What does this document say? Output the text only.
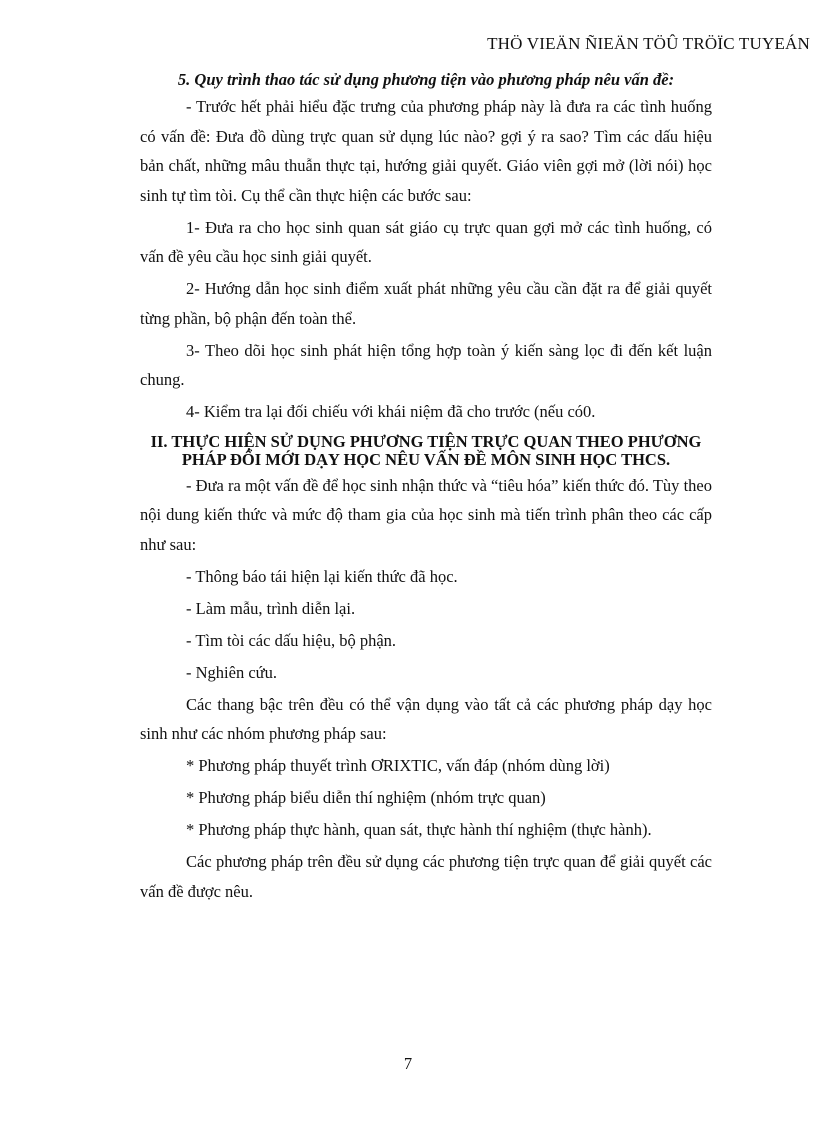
THÖ VIEÄN ÑIEÄN TÖÛ TRÖÏC TUYEÁN
5. Quy trình thao tác sử dụng phương tiện vào phương pháp nêu vấn đề:

- Trước hết phải hiểu đặc trưng của phương pháp này là đưa ra các tình huống có vấn đề: Đưa đồ dùng trực quan sử dụng lúc nào? gợi ý ra sao? Tìm các dấu hiệu bản chất, những mâu thuẫn thực tại, hướng giải quyết. Giáo viên gợi mở (lời nói) học sinh tự tìm tòi. Cụ thể cần thực hiện các bước sau:

1- Đưa ra cho học sinh quan sát giáo cụ trực quan gợi mở các tình huống, có vấn đề yêu cầu học sinh giải quyết.

2- Hướng dẫn học sinh điểm xuất phát những yêu cầu cần đặt ra để giải quyết từng phần, bộ phận đến toàn thể.

3- Theo dõi học sinh phát hiện tổng hợp toàn ý kiến sàng lọc đi đến kết luận chung.

4- Kiểm tra lại đối chiếu với khái niệm đã cho trước (nếu có0.

II. THỰC HIỆN SỬ DỤNG PHƯƠNG TIỆN TRỰC QUAN THEO PHƯƠNG PHÁP ĐỔI MỚI DẠY HỌC NÊU VẤN ĐỀ MÔN SINH HỌC THCS.

- Đưa ra một vấn đề để học sinh nhận thức và “tiêu hóa” kiến thức đó. Tùy theo nội dung kiến thức và mức độ tham gia của học sinh mà tiến trình phân theo các cấp như sau:

- Thông báo tái hiện lại kiến thức đã học.

- Làm mẫu, trình diễn lại.

- Tìm tòi các dấu hiệu, bộ phận.

- Nghiên cứu.

Các thang bậc trên đều có thể vận dụng vào tất cả các phương pháp dạy học sinh như các nhóm phương pháp sau:

* Phương pháp thuyết trình ƠRIXTIC, vấn đáp (nhóm dùng lời)

* Phương pháp biểu diễn thí nghiệm (nhóm trực quan)

* Phương pháp thực hành, quan sát, thực hành thí nghiệm (thực hành).

Các phương pháp trên đều sử dụng các phương tiện trực quan để giải quyết các vấn đề được nêu.

7
